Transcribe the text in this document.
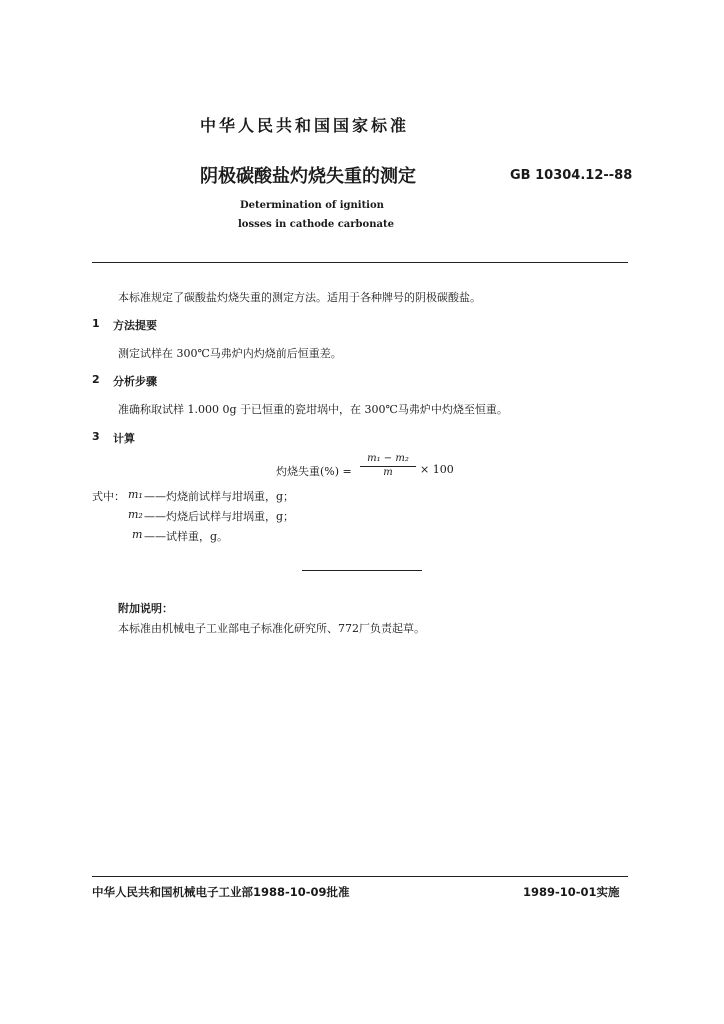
中华人民共和国国家标准
阴极碳酸盐灼烧失重的测定	GB 10304.12--88
Determination of ignition
losses in cathode carbonate
本标准规定了碳酸盐灼烧失重的测定方法。适用于各种牌号的阴极碳酸盐。
1 方法提要
测定试样在 300℃马弗炉内灼烧前后恒重差。
2 分析步骤
准确称取试样 1.000 0g 于已恒重的瓷坩埚中，在 300℃马弗炉中灼烧至恒重。
3 计算
灼烧失重(%) = $\frac{\text{m₁ − m₂}}{m} \times 100$
式中： m₁ ——灼烧前试样与坩埚重，g；
m₂ ——灼烧后试样与坩埚重，g；
m ——试样重，g。
附加说明：
本标准由机械电子工业部电子标准化研究所、772厂负责起草。
中华人民共和国机械电子工业部1988-10-09批准	1989-10-01实施
